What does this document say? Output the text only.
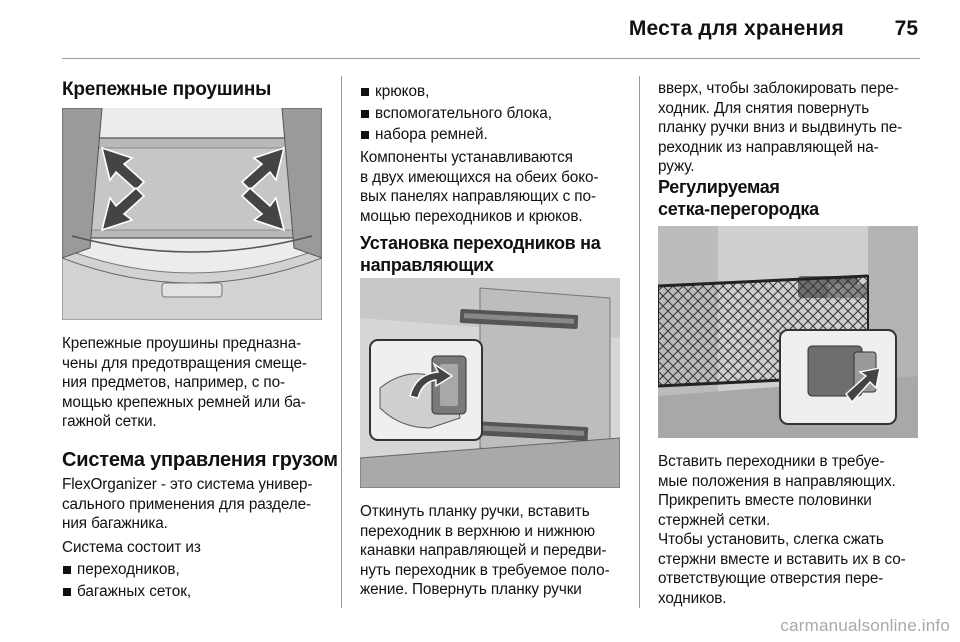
Места для хранения 75
Крепежные проушины

Крепежные проушины предназна-

чены для предотвращения смеще-

ния предметов, например, с по-

мощью крепежных ремней или ба-

гажной сетки.

Система управления грузом

FlexOrganizer - это система универ-

сального применения для разделе-

ния багажника.

Система состоит из

переходников,
багажных сеток,
крюков,
вспомогательного блока,
набора ремней.

Компоненты устанавливаются

в двух имеющихся на обеих боко-

вых панелях направляющих с по-

мощью переходников и крюков.

Установка переходников на
направляющих

Откинуть планку ручки, вставить

переходник в верхнюю и нижнюю

канавки направляющей и передви-

нуть переходник в требуемое поло-

жение. Повернуть планку ручки

вверх, чтобы заблокировать пере-

ходник. Для снятия повернуть

планку ручки вниз и выдвинуть пе-

реходник из направляющей на-

ружу.

Регулируемая
сетка-перегородка

Вставить переходники в требуе-

мые положения в направляющих.

Прикрепить вместе половинки

стержней сетки.

Чтобы установить, слегка сжать

стержни вместе и вставить их в со-

ответствующие отверстия пере-

ходников.

carmanualsonline.info
